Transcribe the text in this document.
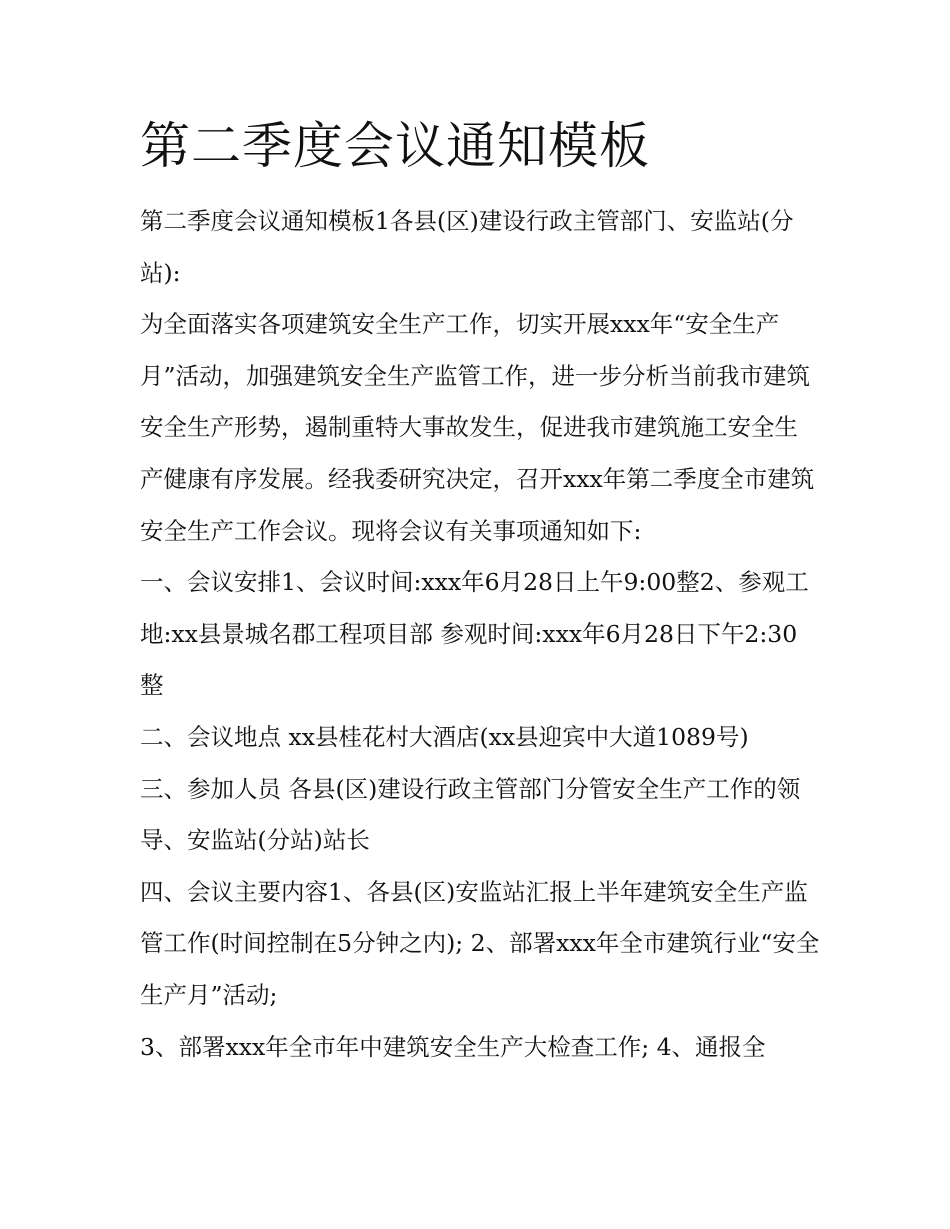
第二季度会议通知模板

第二季度会议通知模板1各县(区)建设行政主管部门、安监站(分站):

为全面落实各项建筑安全生产工作，切实开展xxx年“安全生产月”活动，加强建筑安全生产监管工作，进一步分析当前我市建筑安全生产形势，遏制重特大事故发生，促进我市建筑施工安全生产健康有序发展。经我委研究决定，召开xxx年第二季度全市建筑安全生产工作会议。现将会议有关事项通知如下:

一、会议安排1、会议时间:xxx年6月28日上午9:00整2、参观工地:xx县景城名郡工程项目部 参观时间:xxx年6月28日下午2:30整

二、会议地点 xx县桂花村大酒店(xx县迎宾中大道1089号)

三、参加人员 各县(区)建设行政主管部门分管安全生产工作的领导、安监站(分站)站长

四、会议主要内容1、各县(区)安监站汇报上半年建筑安全生产监管工作(时间控制在5分钟之内); 2、部署xxx年全市建筑行业“安全生产月”活动;

3、部署xxx年全市年中建筑安全生产大检查工作; 4、通报全
